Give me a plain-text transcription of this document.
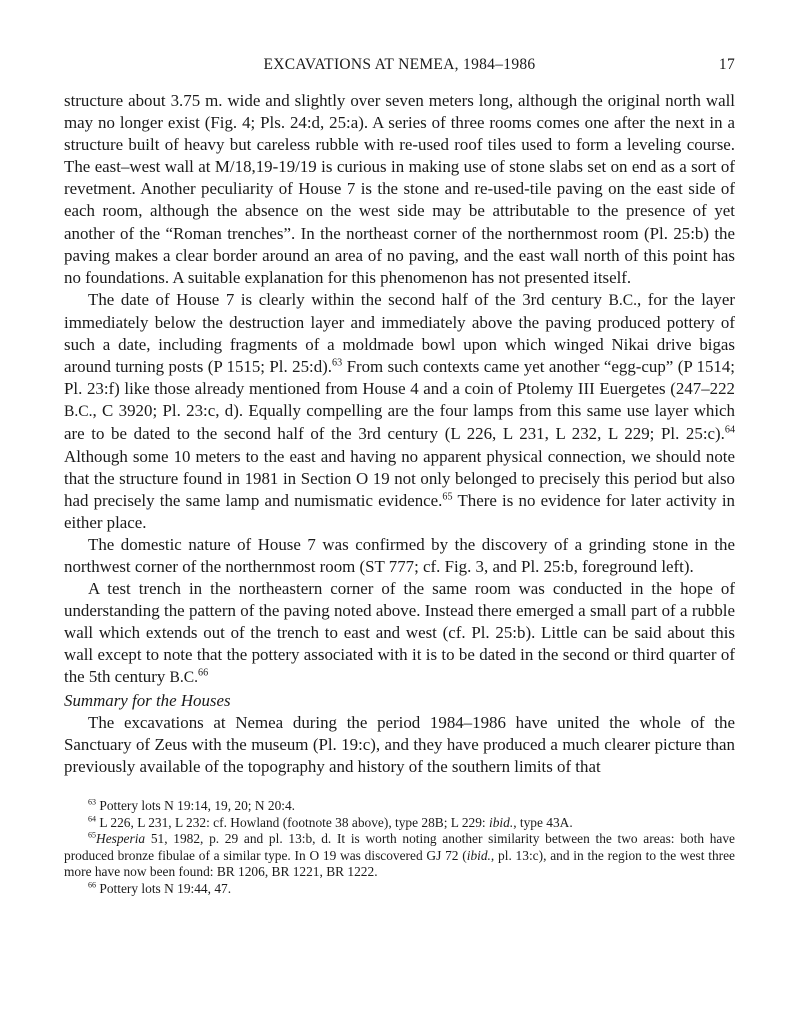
EXCAVATIONS AT NEMEA, 1984–1986	17

structure about 3.75 m. wide and slightly over seven meters long, although the original north wall may no longer exist (Fig. 4; Pls. 24:d, 25:a). A series of three rooms comes one after the next in a structure built of heavy but careless rubble with re-used roof tiles used to form a leveling course. The east–west wall at M/18,19-19/19 is curious in making use of stone slabs set on end as a sort of revetment. Another peculiarity of House 7 is the stone and re-used-tile paving on the east side of each room, although the absence on the west side may be attributable to the presence of yet another of the “Roman trenches”. In the northeast corner of the northernmost room (Pl. 25:b) the paving makes a clear border around an area of no paving, and the east wall north of this point has no foundations. A suitable explanation for this phenomenon has not presented itself.

The date of House 7 is clearly within the second half of the 3rd century B.C., for the layer immediately below the destruction layer and immediately above the paving produced pottery of such a date, including fragments of a moldmade bowl upon which winged Nikai drive bigas around turning posts (P 1515; Pl. 25:d).$^{63}$ From such contexts came yet another “egg-cup” (P 1514; Pl. 23:f) like those already mentioned from House 4 and a coin of Ptolemy III Euergetes (247–222 B.C., C 3920; Pl. 23:c, d). Equally compelling are the four lamps from this same use layer which are to be dated to the second half of the 3rd century (L 226, L 231, L 232, L 229; Pl. 25:c).$^{64}$ Although some 10 meters to the east and having no apparent physical connection, we should note that the structure found in 1981 in Section O 19 not only belonged to precisely this period but also had precisely the same lamp and numismatic evidence.$^{65}$ There is no evidence for later activity in either place.

The domestic nature of House 7 was confirmed by the discovery of a grinding stone in the northwest corner of the northernmost room (ST 777; cf. Fig. 3, and Pl. 25:b, foreground left).

A test trench in the northeastern corner of the same room was conducted in the hope of understanding the pattern of the paving noted above. Instead there emerged a small part of a rubble wall which extends out of the trench to east and west (cf. Pl. 25:b). Little can be said about this wall except to note that the pottery associated with it is to be dated in the second or third quarter of the 5th century B.C.$^{66}$

Summary for the Houses

The excavations at Nemea during the period 1984–1986 have united the whole of the Sanctuary of Zeus with the museum (Pl. 19:c), and they have produced a much clearer picture than previously available of the topography and history of the southern limits of that

$^{63}$ Pottery lots N 19:14, 19, 20; N 20:4.

$^{64}$ L 226, L 231, L 232: cf. Howland (footnote 38 above), type 28B; L 229: ibid., type 43A.

$^{65}$Hesperia 51, 1982, p. 29 and pl. 13:b, d. It is worth noting another similarity between the two areas: both have produced bronze fibulae of a similar type. In O 19 was discovered GJ 72 (ibid., pl. 13:c), and in the region to the west three more have now been found: BR 1206, BR 1221, BR 1222.

$^{66}$ Pottery lots N 19:44, 47.
